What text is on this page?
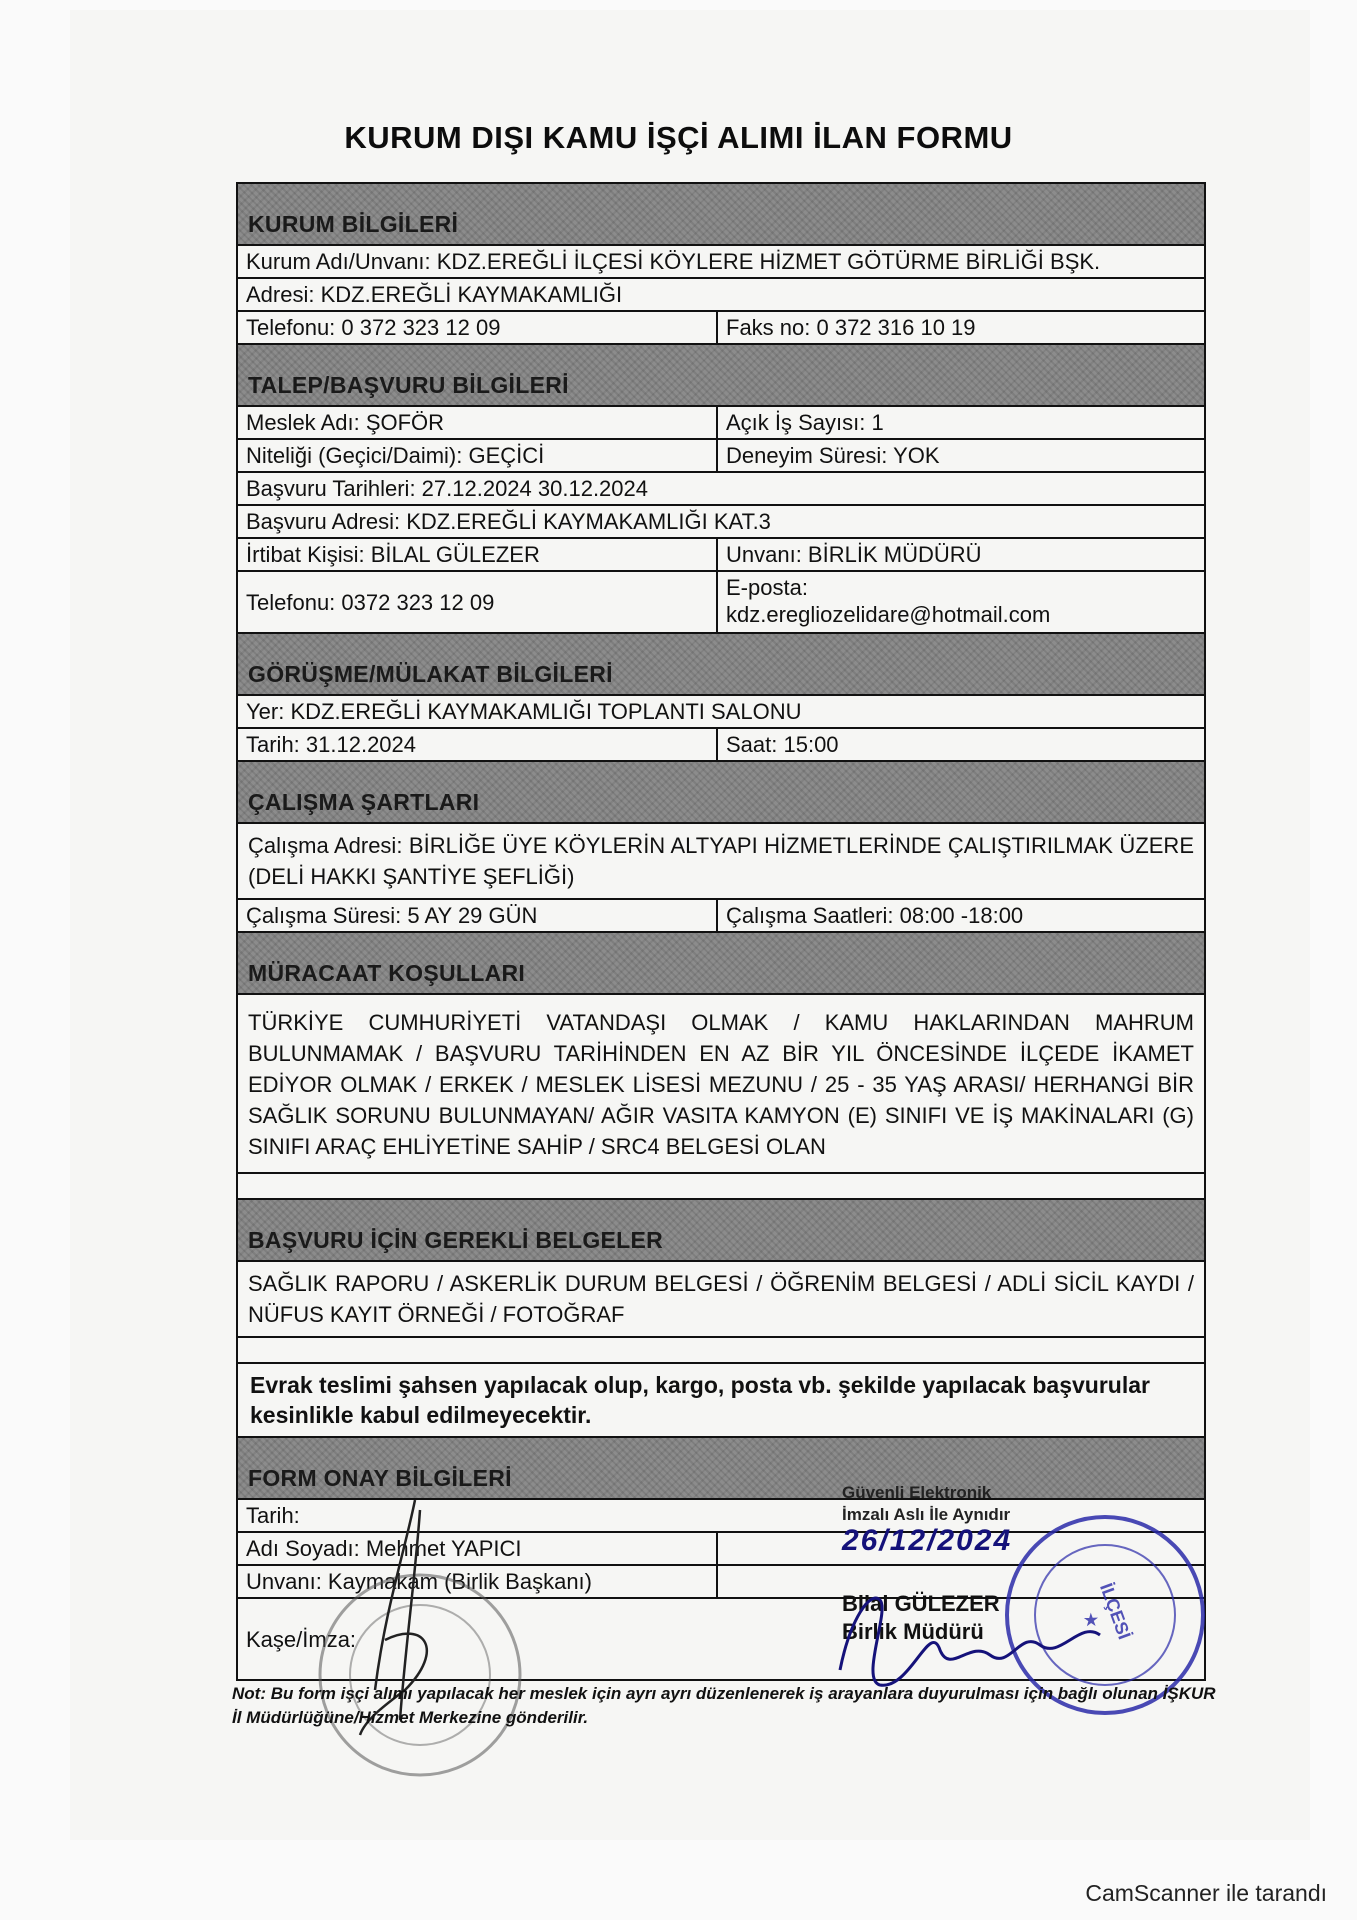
KURUM DIŞI KAMU İŞÇİ ALIMI İLAN FORMU
KURUM BİLGİLERİ
Kurum Adı/Unvanı: KDZ.EREĞLİ İLÇESİ KÖYLERE HİZMET GÖTÜRME BİRLİĞİ BŞK.
Adresi: KDZ.EREĞLİ KAYMAKAMLIĞI
Telefonu: 0 372 323 12 09	Faks no: 0 372 316 10 19
TALEP/BAŞVURU BİLGİLERİ
Meslek Adı: ŞOFÖR	Açık İş Sayısı: 1
Niteliği (Geçici/Daimi): GEÇİCİ	Deneyim Süresi: YOK
Başvuru Tarihleri: 27.12.2024 30.12.2024
Başvuru Adresi: KDZ.EREĞLİ KAYMAKAMLIĞI KAT.3
İrtibat Kişisi: BİLAL GÜLEZER	Unvanı: BİRLİK MÜDÜRÜ
Telefonu: 0372 323 12 09
E-posta:
kdz.eregliozelidare@hotmail.com
GÖRÜŞME/MÜLAKAT BİLGİLERİ
Yer: KDZ.EREĞLİ KAYMAKAMLIĞI TOPLANTI SALONU
Tarih: 31.12.2024	Saat: 15:00
ÇALIŞMA ŞARTLARI
Çalışma Adresi: BİRLİĞE ÜYE KÖYLERİN ALTYAPI HİZMETLERİNDE ÇALIŞTIRILMAK ÜZERE (DELİ HAKKI ŞANTİYE ŞEFLİĞİ)
Çalışma Süresi: 5 AY 29 GÜN	Çalışma Saatleri: 08:00 -18:00
MÜRACAAT KOŞULLARI
TÜRKİYE CUMHURİYETİ VATANDAŞI OLMAK / KAMU HAKLARINDAN MAHRUM BULUNMAMAK / BAŞVURU TARİHİNDEN EN AZ BİR YIL ÖNCESİNDE İLÇEDE İKAMET EDİYOR OLMAK / ERKEK / MESLEK LİSESİ MEZUNU / 25 - 35 YAŞ ARASI/ HERHANGİ BİR SAĞLIK SORUNU BULUNMAYAN/ AĞIR VASITA KAMYON (E) SINIFI VE İŞ MAKİNALARI (G) SINIFI ARAÇ EHLİYETİNE SAHİP / SRC4 BELGESİ OLAN
BAŞVURU İÇİN GEREKLİ BELGELER
SAĞLIK RAPORU / ASKERLİK DURUM BELGESİ / ÖĞRENİM BELGESİ / ADLİ SİCİL KAYDI / NÜFUS KAYIT ÖRNEĞİ / FOTOĞRAF
Evrak teslimi şahsen yapılacak olup, kargo, posta vb. şekilde yapılacak başvurular kesinlikle kabul edilmeyecektir.
FORM ONAY BİLGİLERİ
Tarih:
Adı Soyadı: Mehmet YAPICI
Unvanı: Kaymakam (Birlik Başkanı)
Kaşe/İmza:
Güvenli Elektronik
İmzalı Aslı İle Aynıdır
26/12/2024
Bilal GÜLEZER
Birlik Müdürü	İLÇESİ
★
Not: Bu form işçi alımı yapılacak her meslek için ayrı ayrı düzenlenerek iş arayanlara duyurulması için bağlı olunan İŞKUR İl Müdürlüğüne/Hizmet Merkezine gönderilir.
CamScanner ile tarandı
